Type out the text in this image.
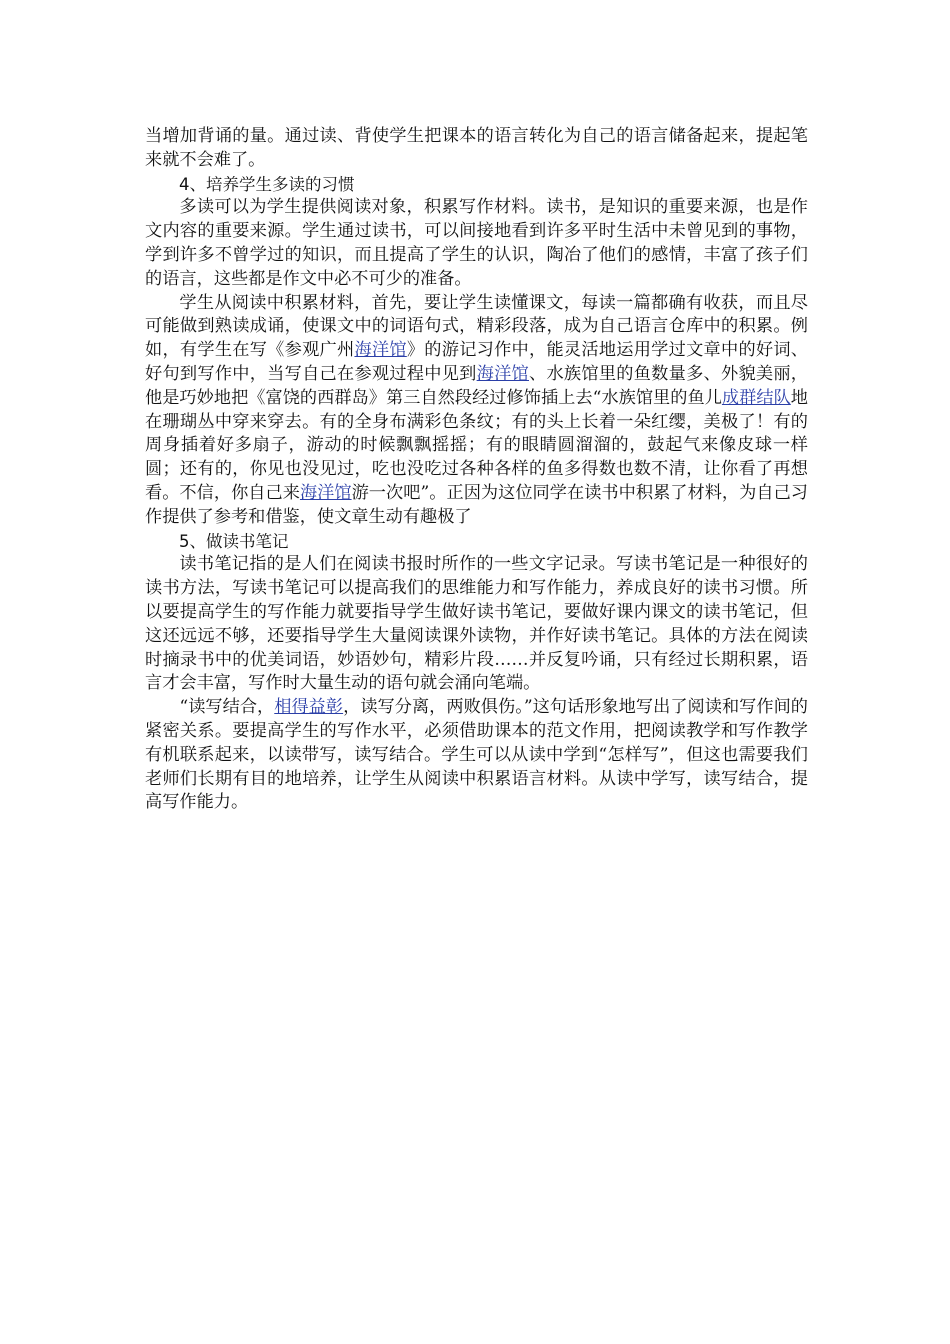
当增加背诵的量。通过读、背使学生把课本的语言转化为自己的语言储备起来，提起笔来就不会难了。

4、培养学生多读的习惯

多读可以为学生提供阅读对象，积累写作材料。读书，是知识的重要来源，也是作文内容的重要来源。学生通过读书，可以间接地看到许多平时生活中未曾见到的事物，学到许多不曾学过的知识，而且提高了学生的认识，陶冶了他们的感情，丰富了孩子们的语言，这些都是作文中必不可少的准备。

学生从阅读中积累材料，首先，要让学生读懂课文，每读一篇都确有收获，而且尽可能做到熟读成诵，使课文中的词语句式，精彩段落，成为自己语言仓库中的积累。例如，有学生在写《参观广州海洋馆》的游记习作中，能灵活地运用学过文章中的好词、好句到写作中，当写自己在参观过程中见到海洋馆、水族馆里的鱼数量多、外貌美丽，他是巧妙地把《富饶的西群岛》第三自然段经过修饰插上去“水族馆里的鱼儿成群结队地在珊瑚丛中穿来穿去。有的全身布满彩色条纹；有的头上长着一朵红缨，美极了！有的周身插着好多扇子，游动的时候飘飘摇摇；有的眼睛圆溜溜的，鼓起气来像皮球一样圆；还有的，你见也没见过，吃也没吃过各种各样的鱼多得数也数不清，让你看了再想看。不信，你自己来海洋馆游一次吧”。正因为这位同学在读书中积累了材料，为自己习作提供了参考和借鉴，使文章生动有趣极了

5、做读书笔记

读书笔记指的是人们在阅读书报时所作的一些文字记录。写读书笔记是一种很好的读书方法，写读书笔记可以提高我们的思维能力和写作能力，养成良好的读书习惯。所以要提高学生的写作能力就要指导学生做好读书笔记，要做好课内课文的读书笔记，但这还远远不够，还要指导学生大量阅读课外读物，并作好读书笔记。具体的方法在阅读时摘录书中的优美词语，妙语妙句，精彩片段……并反复吟诵，只有经过长期积累，语言才会丰富，写作时大量生动的语句就会涌向笔端。

“读写结合，相得益彰，读写分离，两败俱伤。”这句话形象地写出了阅读和写作间的紧密关系。要提高学生的写作水平，必须借助课本的范文作用，把阅读教学和写作教学有机联系起来，以读带写，读写结合。学生可以从读中学到“怎样写”，但这也需要我们老师们长期有目的地培养，让学生从阅读中积累语言材料。从读中学写，读写结合，提高写作能力。
